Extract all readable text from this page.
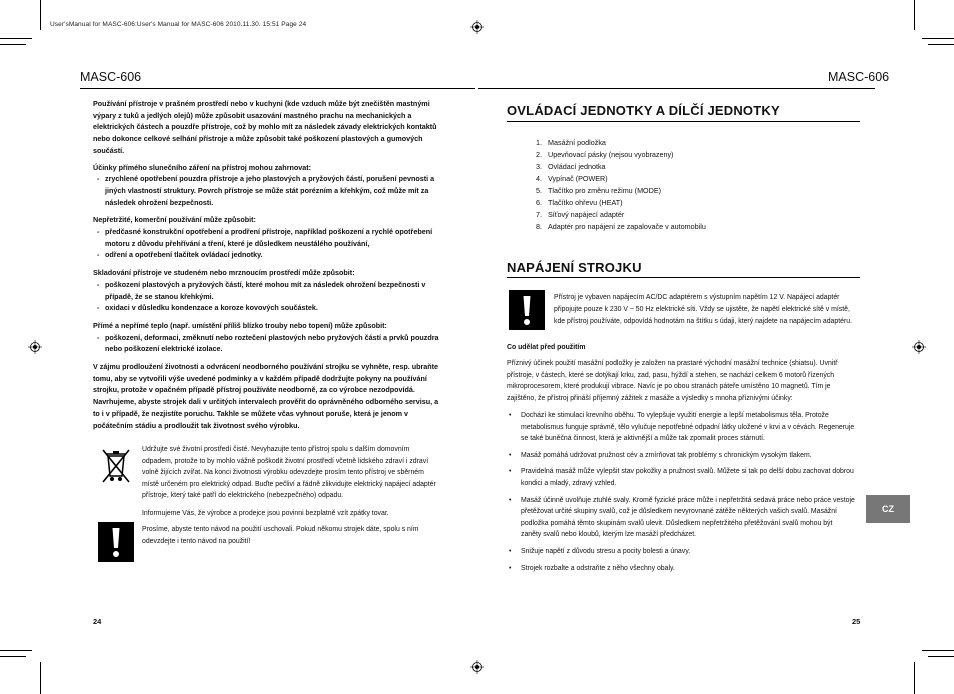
User'sManual for MASC-606:User's Manual for MASC-606 2010.11.30. 15:51 Page 24
MASC-606
Používání přístroje v prašném prostředí nebo v kuchyni (kde vzduch může být znečištěn mastnými
výpary z tuků a jedlých olejů) může způsobit usazování mastného prachu na mechanických a
elektrických částech a pouzdře přístroje, což by mohlo mít za následek závady elektrických kontaktů
nebo dokonce celkové selhání přístroje a může způsobit také poškození plastových a gumových
součástí.
Účinky přímého slunečního záření na přístroj mohou zahrnovat:
- zrychlené opotřebení pouzdra přístroje a jeho plastových a pryžových částí, porušení pevnosti a
jiných vlastností struktury. Povrch přístroje se může stát porézním a křehkým, což může mít za
následek ohrožení bezpečnosti.
Nepřetržité, komerční používání může způsobit:
- předčasné konstrukční opotřebení a prodření přístroje, například poškození a rychlé opotřebení
motoru z důvodu přehřívání a tření, které je důsledkem neustálého používání,
- odření a opotřebení tlačítek ovládací jednotky.
Skladování přístroje ve studeném nebo mrznoucím prostředí může způsobit:
- poškození plastových a pryžových částí, které mohou mít za následek ohrožení bezpečnosti v
případě, že se stanou křehkými.
- oxidaci v důsledku kondenzace a koroze kovových součástek.
Přímé a nepřímé teplo (např. umístění příliš blízko trouby nebo topení) může způsobit:
- poškození, deformaci, změknutí nebo roztečení plastových nebo pryžových částí a prvků pouzdra
nebo poškození elektrické izolace.
V zájmu prodloužení životnosti a odvrácení neodborného používání strojku se vyhněte, resp. ubraňte
tomu, aby se vytvořili výše uvedené podmínky a v každém případě dodržujte pokyny na používání
strojku, protože v opačném případě přístroj používáte neodborně, za co výrobce nezodpovídá.
Navrhujeme, abyste strojek dali v určitých intervalech prověřit do oprávněného odborného servisu, a
to i v případě, že nezjistíte poruchu. Takhle se můžete včas vyhnout poruše, která je jenom v
počátečním stádiu a prodloužit tak životnost svého výrobku.
Udržujte své životní prostředí čisté. Nevyhazujte tento přístroj spolu s dalším domovním
odpadem, protože to by mohlo vážně poškodit životní prostředí včetně lidského zdraví i zdraví
volně žijících zvířat. Na konci životnosti výrobku odevzdejte prosím tento přístroj ve sběrném
místě určeném pro elektrický odpad. Buďte pečliví a řádně zlikvidujte elektrický napájecí adaptér
přístroje, který také patří do elektrického (nebezpečného) odpadu.
Informujeme Vás, že výrobce a prodejce jsou povinni bezplatně vzít zpátky tovar.
Prosíme, abyste tento návod na použití uschovali. Pokud někomu strojek dáte, spolu s ním
odevzdejte i tento návod na použití!
24
MASC-606
OVLÁDACÍ JEDNOTKY A DÍLČÍ JEDNOTKY
1. Masážní podložka
2. Upevňovací pásky (nejsou vyobrazeny)
3. Ovládací jednotka
4. Vypínač (POWER)
5. Tlačítko pro změnu režimu (MODE)
6. Tlačítko ohřevu (HEAT)
7. Síťový napájecí adaptér
8. Adaptér pro napájení ze zapalovače v automobilu
NAPÁJENÍ STROJKU
Přístroj je vybaven napájecím AC/DC adaptérem s výstupním napětím 12 V. Napájecí adaptér
připojujte pouze k 230 V ~ 50 Hz elektrické síti. Vždy se ujistěte, že napětí elektrické sítě v místě,
kde přístroj používáte, odpovídá hodnotám na štítku s údaji, který najdete na napájecím adaptéru.
Co udělat před použitím
Příznivý účinek použití masážní podložky je založen na prastaré východní masážní technice (shiatsu). Uvnitř
přístroje, v částech, které se dotýkají krku, zad, pasu, hýždí a stehen, se nachází celkem 6 motorů řízených
mikroprocesorem, které produkují vibrace. Navíc je po obou stranách páteře umístěno 10 magnetů. Tím je
zajištěno, že přístroj přináší příjemný zážitek z masáže a výsledky s mnoha příznivými účinky:
• Dochází ke stimulaci krevního oběhu. To vylepšuje využití energie a lepší metabolismus těla. Protože
metabolismus funguje správně, tělo vylučuje nepotřebné odpadní látky uložené v krvi a v cévách. Regeneruje
se také buněčná činnost, která je aktivnější a může tak zpomalit proces stárnutí.
• Masáž pomáhá udržovat pružnost cév a zmírňovat tak problémy s chronickým vysokým tlakem.
• Pravidelná masáž může vylepšit stav pokožky a pružnost svalů. Můžete si tak po delší dobu zachovat dobrou
kondici a mladý, zdravý vzhled.
• Masáž účinně uvolňuje ztuhlé svaly. Kromě fyzické práce může i nepřetržitá sedavá práce nebo práce vestoje
přetěžovat určité skupiny svalů, což je důsledkem nevyrovnané zátěže některých vašich svalů. Masážní
podložka pomáhá těmto skupinám svalů ulevit. Důsledkem nepřetržitého přetěžování svalů mohou být
zaněty svalů nebo kloubů, kterým lze masáží předcházet.
• Snižuje napětí z důvodu stresu a pocity bolesti a únavy.
• Strojek rozbalte a odstraňte z něho všechny obaly.
CZ
25
